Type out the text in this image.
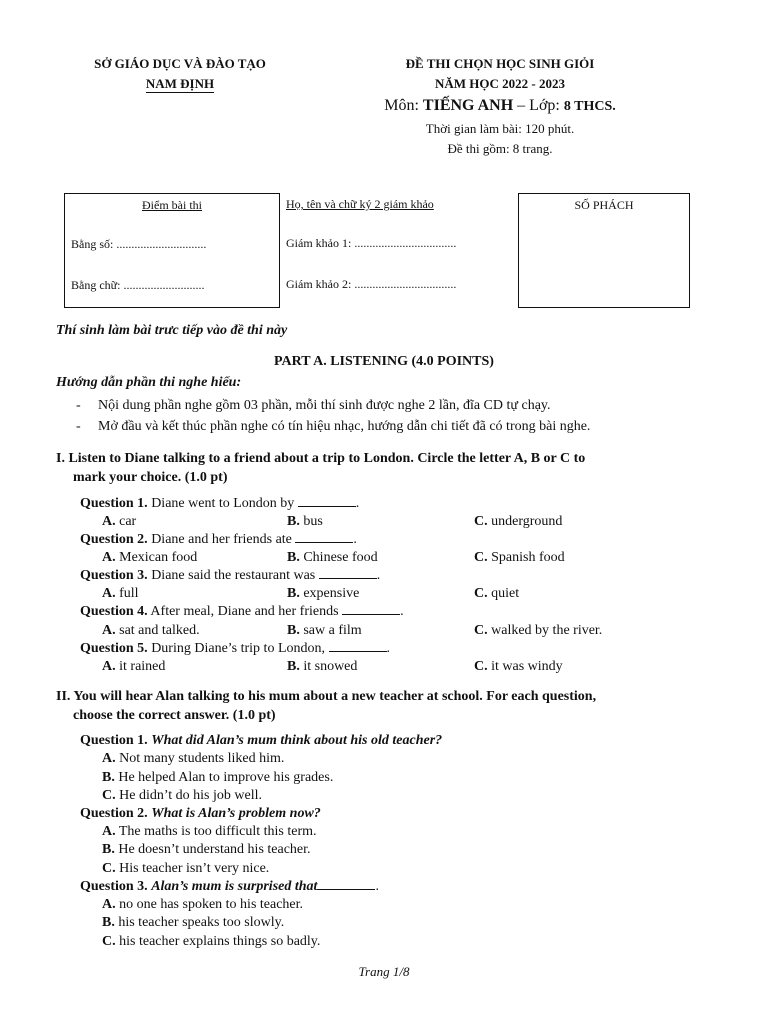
SỞ GIÁO DỤC VÀ ĐÀO TẠO
NAM ĐỊNH
ĐỀ THI CHỌN HỌC SINH GIỎI
NĂM HỌC 2022 - 2023
Môn: TIẾNG ANH – Lớp: 8 THCS.
Thời gian làm bài: 120 phút.
Đề thi gồm: 8 trang.
Điểm bài thi
Bằng số: ..............................
Bằng chữ: ...........................
Họ, tên và chữ ký 2 giám khảo
Giám khảo 1: ..................................
Giám khảo 2: ..................................
SỐ PHÁCH
Thí sinh làm bài trưc tiếp vào đề thi này
PART A. LISTENING (4.0 POINTS)
Hướng dẫn phần thi nghe hiểu:
- Nội dung phần nghe gồm 03 phần, mỗi thí sinh được nghe 2 lần, đĩa CD tự chạy.
- Mở đầu và kết thúc phần nghe có tín hiệu nhạc, hướng dẫn chi tiết đã có trong bài nghe.
I. Listen to Diane talking to a friend about a trip to London. Circle the letter A, B or C to
mark your choice. (1.0 pt)
Question 1. Diane went to London by	.
A. car	B. bus	C. underground
Question 2. Diane and her friends ate	.
A. Mexican food	B. Chinese food	C. Spanish food
Question 3. Diane said the restaurant was	.
A. full	B. expensive	C. quiet
Question 4. After meal, Diane and her friends	.
A. sat and talked.	B. saw a film	C. walked by the river.
Question 5. During Diane’s trip to London,	.
A. it rained	B. it snowed	C. it was windy
II. You will hear Alan talking to his mum about a new teacher at school. For each question,
choose the correct answer. (1.0 pt)
Question 1. What did Alan’s mum think about his old teacher?
A. Not many students liked him.
B. He helped Alan to improve his grades.
C. He didn’t do his job well.
Question 2. What is Alan’s problem now?
A. The maths is too difficult this term.
B. He doesn’t understand his teacher.
C. His teacher isn’t very nice.
Question 3. Alan’s mum is surprised that	.
A. no one has spoken to his teacher.
B. his teacher speaks too slowly.
C. his teacher explains things so badly.
Trang 1/8
